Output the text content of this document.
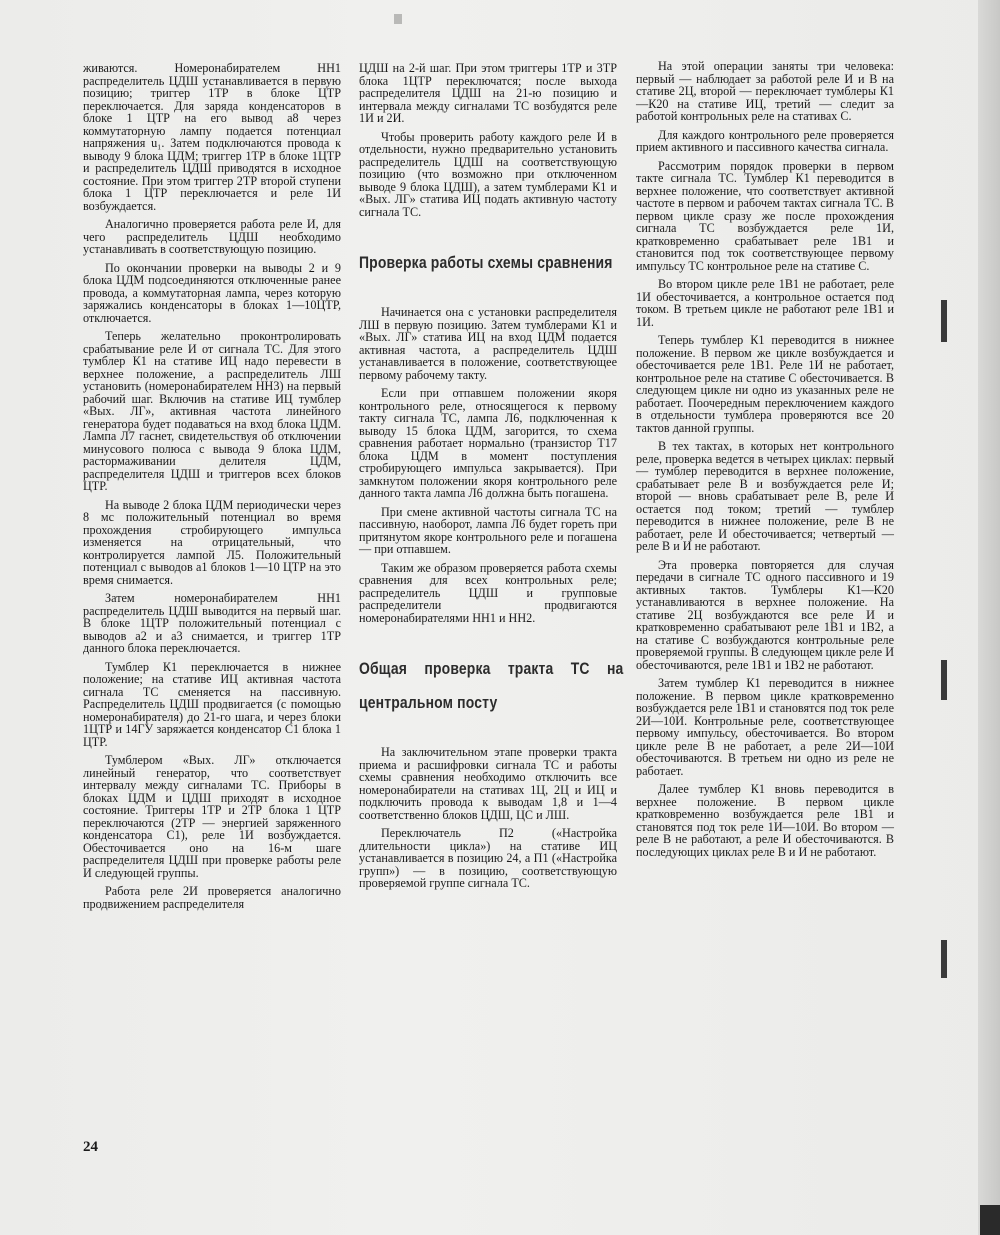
живаются. Номеронабирателем НН1 распределитель ЦДШ устанавливается в первую позицию; триггер 1ТР в блоке ЦТР переключается. Для заряда конденсаторов в блоке 1 ЦТР на его вывод а8 через коммутаторную лампу подается потенциал напряжения u₁. Затем подключаются провода к выводу 9 блока ЦДМ; триггер 1ТР в блоке 1ЦТР и распределитель ЦДШ приводятся в исходное состояние. При этом триггер 2ТР второй ступени блока 1 ЦТР переключается и реле 1И возбуждается.

Аналогично проверяется работа реле И, для чего распределитель ЦДШ необходимо устанавливать в соответствующую позицию.

По окончании проверки на выводы 2 и 9 блока ЦДМ подсоединяются отключенные ранее провода, а коммутаторная лампа, через которую заряжались конденсаторы в блоках 1—10ЦТР, отключается.

Теперь желательно проконтролировать срабатывание реле И от сигнала ТС. Для этого тумблер К1 на стативе ИЦ надо перевести в верхнее положение, а распределитель ЛШ установить (номеронабирателем НН3) на первый рабочий шаг. Включив на стативе ИЦ тумблер «Вых. ЛГ», активная частота линейного генератора будет подаваться на вход блока ЦДМ. Лампа Л7 гаснет, свидетельствуя об отключении минусового полюса с вывода 9 блока ЦДМ, растормаживании делителя ЦДМ, распределителя ЦДШ и триггеров всех блоков ЦТР.

На выводе 2 блока ЦДМ периодически через 8 мс положительный потенциал во время прохождения стробирующего импульса изменяется на отрицательный, что контролируется лампой Л5. Положительный потенциал с выводов а1 блоков 1—10 ЦТР на это время снимается.

Затем номеронабирателем НН1 распределитель ЦДШ выводится на первый шаг. В блоке 1ЦТР положительный потенциал с выводов а2 и а3 снимается, и триггер 1ТР данного блока переключается.

Тумблер К1 переключается в нижнее положение; на стативе ИЦ активная частота сигнала ТС сменяется на пассивную. Распределитель ЦДШ продвигается (с помощью номеронабирателя) до 21-го шага, и через блоки 1ЦТР и 14ГУ заряжается конденсатор С1 блока 1 ЦТР.

Тумблером «Вых. ЛГ» отключается линейный генератор, что соответствует интервалу между сигналами ТС. Приборы в блоках ЦДМ и ЦДШ приходят в исходное состояние. Триггеры 1ТР и 2ТР блока 1 ЦТР переключаются (2ТР — энергией заряженного конденсатора С1), реле 1И возбуждается. Обесточивается оно на 16-м шаге распределителя ЦДШ при проверке работы реле И следующей группы.

Работа реле 2И проверяется аналогично продвижением распределителя

ЦДШ на 2-й шаг. При этом триггеры 1ТР и 3ТР блока 1ЦТР переключатся; после выхода распределителя ЦДШ на 21-ю позицию и интервала между сигналами ТС возбудятся реле 1И и 2И.

Чтобы проверить работу каждого реле И в отдельности, нужно предварительно установить распределитель ЦДШ на соответствующую позицию (что возможно при отключенном выводе 9 блока ЦДШ), а затем тумблерами К1 и «Вых. ЛГ» статива ИЦ подать активную частоту сигнала ТС.

Проверка работы схемы сравнения

Начинается она с установки распределителя ЛШ в первую позицию. Затем тумблерами К1 и «Вых. ЛГ» статива ИЦ на вход ЦДМ подается активная частота, а распределитель ЦДШ устанавливается в положение, соответствующее первому рабочему такту.

Если при отпавшем положении якоря контрольного реле, относящегося к первому такту сигнала ТС, лампа Л6, подключенная к выводу 15 блока ЦДМ, загорится, то схема сравнения работает нормально (транзистор Т17 блока ЦДМ в момент поступления стробирующего импульса закрывается). При замкнутом положении якоря контрольного реле данного такта лампа Л6 должна быть погашена.

При смене активной частоты сигнала ТС на пассивную, наоборот, лампа Л6 будет гореть при притянутом якоре контрольного реле и погашена — при отпавшем.

Таким же образом проверяется работа схемы сравнения для всех контрольных реле; распределитель ЦДШ и групповые распределители продвигаются номеронабирателями НН1 и НН2.

Общая проверка тракта ТС на центральном посту

На заключительном этапе проверки тракта приема и расшифровки сигнала ТС и работы схемы сравнения необходимо отключить все номеронабиратели на стативах 1Ц, 2Ц и ИЦ и подключить провода к выводам 1,8 и 1—4 соответственно блоков ЦДШ, ЦС и ЛШ.

Переключатель П2 («Настройка длительности цикла») на стативе ИЦ устанавливается в позицию 24, а П1 («Настройка групп») — в позицию, соответствующую проверяемой группе сигнала ТС.

На этой операции заняты три человека: первый — наблюдает за работой реле И и В на стативе 2Ц, второй — переключает тумблеры К1—К20 на стативе ИЦ, третий — следит за работой контрольных реле на стативах С.

Для каждого контрольного реле проверяется прием активного и пассивного качества сигнала.

Рассмотрим порядок проверки в первом такте сигнала ТС. Тумблер К1 переводится в верхнее положение, что соответствует активной частоте в первом и рабочем тактах сигнала ТС. В первом цикле сразу же после прохождения сигнала ТС возбуждается реле 1И, кратковременно срабатывает реле 1В1 и становится под ток соответствующее первому импульсу ТС контрольное реле на стативе С.

Во втором цикле реле 1В1 не работает, реле 1И обесточивается, а контрольное остается под током. В третьем цикле не работают реле 1В1 и 1И.

Теперь тумблер К1 переводится в нижнее положение. В первом же цикле возбуждается и обесточивается реле 1В1. Реле 1И не работает, контрольное реле на стативе С обесточивается. В следующем цикле ни одно из указанных реле не работает. Поочередным переключением каждого в отдельности тумблера проверяются все 20 тактов данной группы.

В тех тактах, в которых нет контрольного реле, проверка ведется в четырех циклах: первый — тумблер переводится в верхнее положение, срабатывает реле В и возбуждается реле И; второй — вновь срабатывает реле В, реле И остается под током; третий — тумблер переводится в нижнее положение, реле В не работает, реле И обесточивается; четвертый — реле В и И не работают.

Эта проверка повторяется для случая передачи в сигнале ТС одного пассивного и 19 активных тактов. Тумблеры К1—К20 устанавливаются в верхнее положение. На стативе 2Ц возбуждаются все реле И и кратковременно срабатывают реле 1В1 и 1В2, а на стативе С возбуждаются контрольные реле проверяемой группы. В следующем цикле реле И обесточиваются, реле 1В1 и 1В2 не работают.

Затем тумблер К1 переводится в нижнее положение. В первом цикле кратковременно возбуждается реле 1В1 и становятся под ток реле 2И—10И. Контрольные реле, соответствующее первому импульсу, обесточивается. Во втором цикле реле В не работает, а реле 2И—10И обесточиваются. В третьем ни одно из реле не работает.

Далее тумблер К1 вновь переводится в верхнее положение. В первом цикле кратковременно возбуждается реле 1В1 и становятся под ток реле 1И—10И. Во втором — реле В не работают, а реле И обесточиваются. В последующих циклах реле В и И не работают.

24
